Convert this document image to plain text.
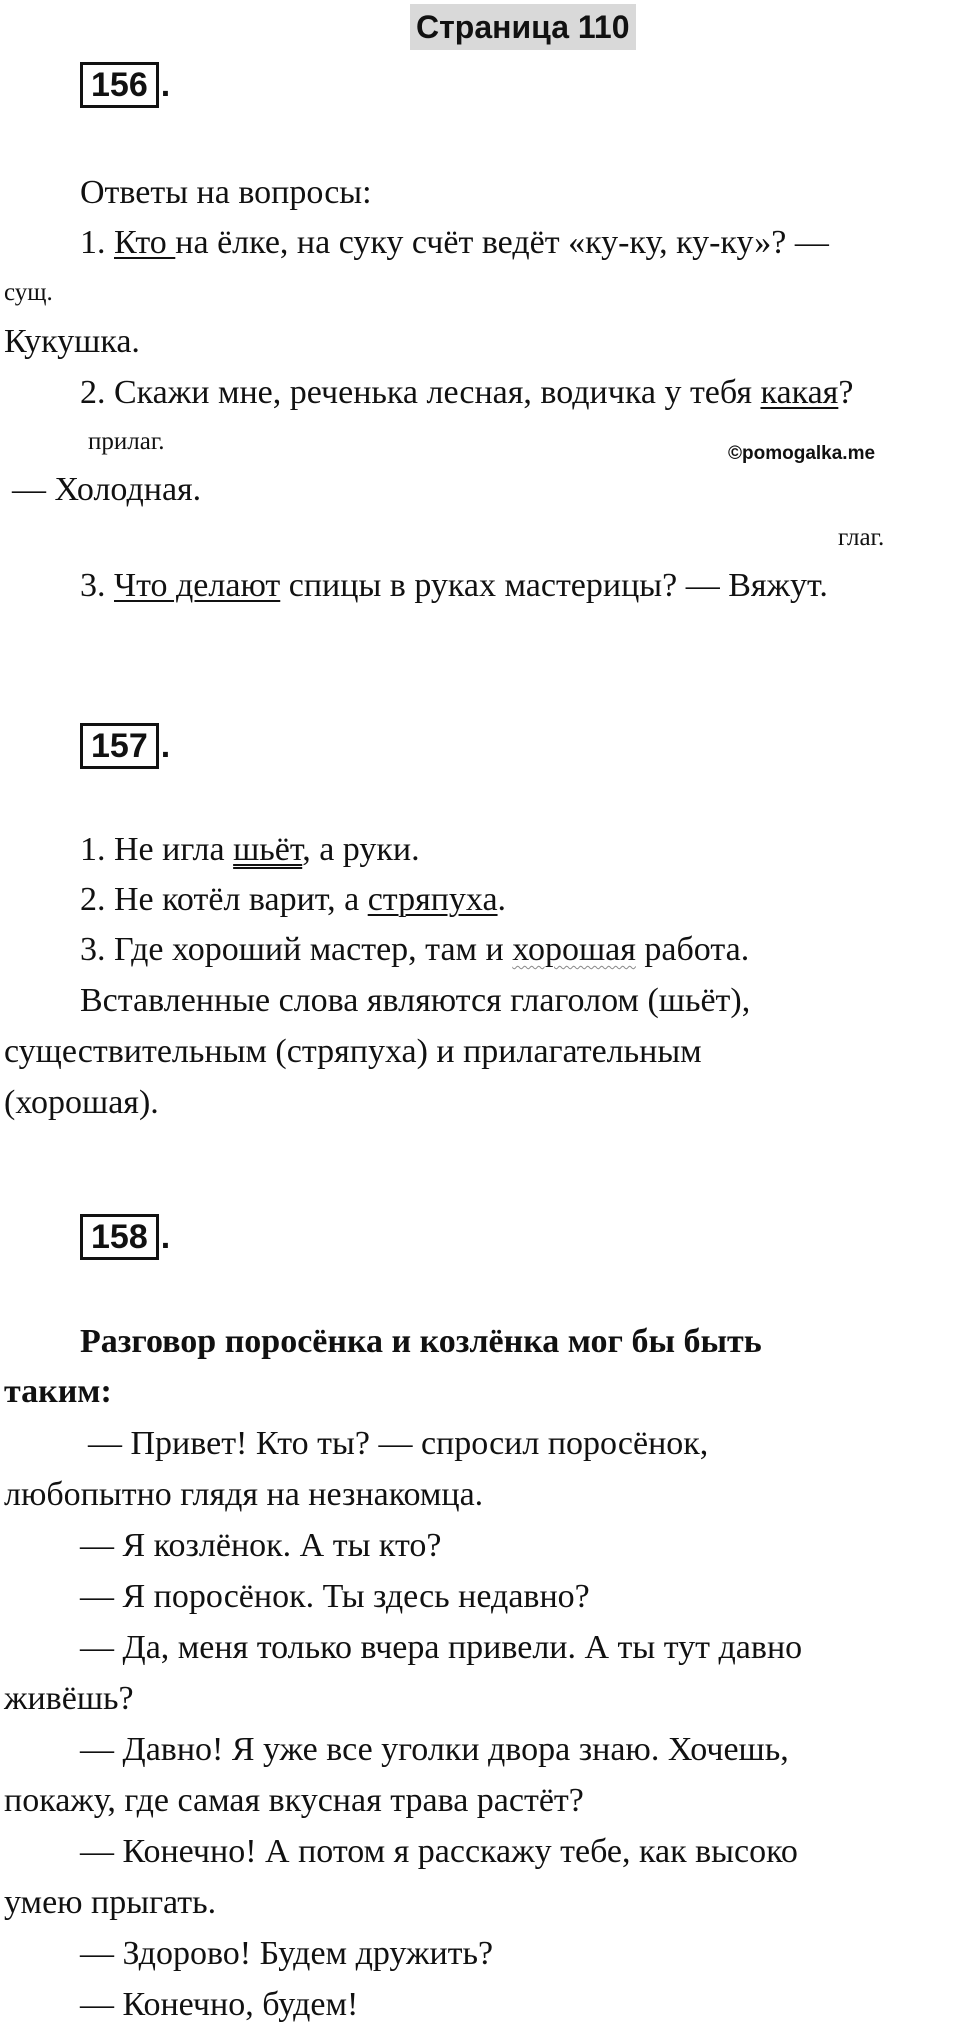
Страница 110
©pomogalka.me
156 .
Ответы на вопросы:
1. Кто на ёлке, на суку счёт ведёт «ку-ку, ку-ку»? —
сущ.
Кукушка.
2. Скажи мне, реченька лесная, водичка у тебя какая?
прилаг.
— Холодная.
глаг.
3. Что делают спицы в руках мастерицы? — Вяжут.
157 .
1. Не игла шьёт, а руки.
2. Не котёл варит, а стряпуха.
3. Где хороший мастер, там и хорошая работа.
Вставленные слова являются глаголом (шьёт),
существительным (стряпуха) и прилагательным
(хорошая).
158 .
Разговор поросёнка и козлёнка мог бы быть
таким:
— Привет! Кто ты? — спросил поросёнок,
любопытно глядя на незнакомца.
— Я козлёнок. А ты кто?
— Я поросёнок. Ты здесь недавно?
— Да, меня только вчера привели. А ты тут давно
живёшь?
— Давно! Я уже все уголки двора знаю. Хочешь,
покажу, где самая вкусная трава растёт?
— Конечно! А потом я расскажу тебе, как высоко
умею прыгать.
— Здорово! Будем дружить?
— Конечно, будем!
